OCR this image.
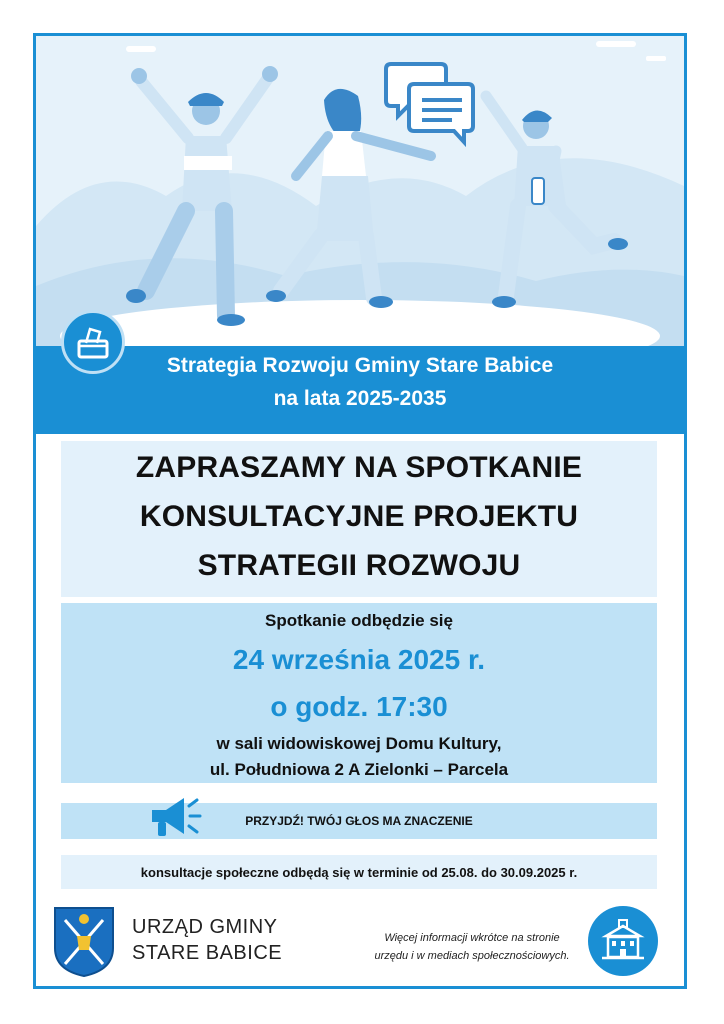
Strategia Rozwoju Gminy Stare Babice

na lata 2025-2035

ZAPRASZAMY NA SPOTKANIE

KONSULTACYJNE PROJEKTU

STRATEGII ROZWOJU

Spotkanie odbędzie się

24 września 2025 r.

o godz. 17:30

w sali widowiskowej Domu Kultury,

ul. Południowa 2 A Zielonki – Parcela

PRZYJDŹ! TWÓJ GŁOS MA ZNACZENIE

konsultacje społeczne odbędą się w terminie od 25.08. do 30.09.2025 r.

URZĄD GMINY

STARE BABICE

Więcej informacji wkrótce na stronie

urzędu i w mediach społecznościowych.
